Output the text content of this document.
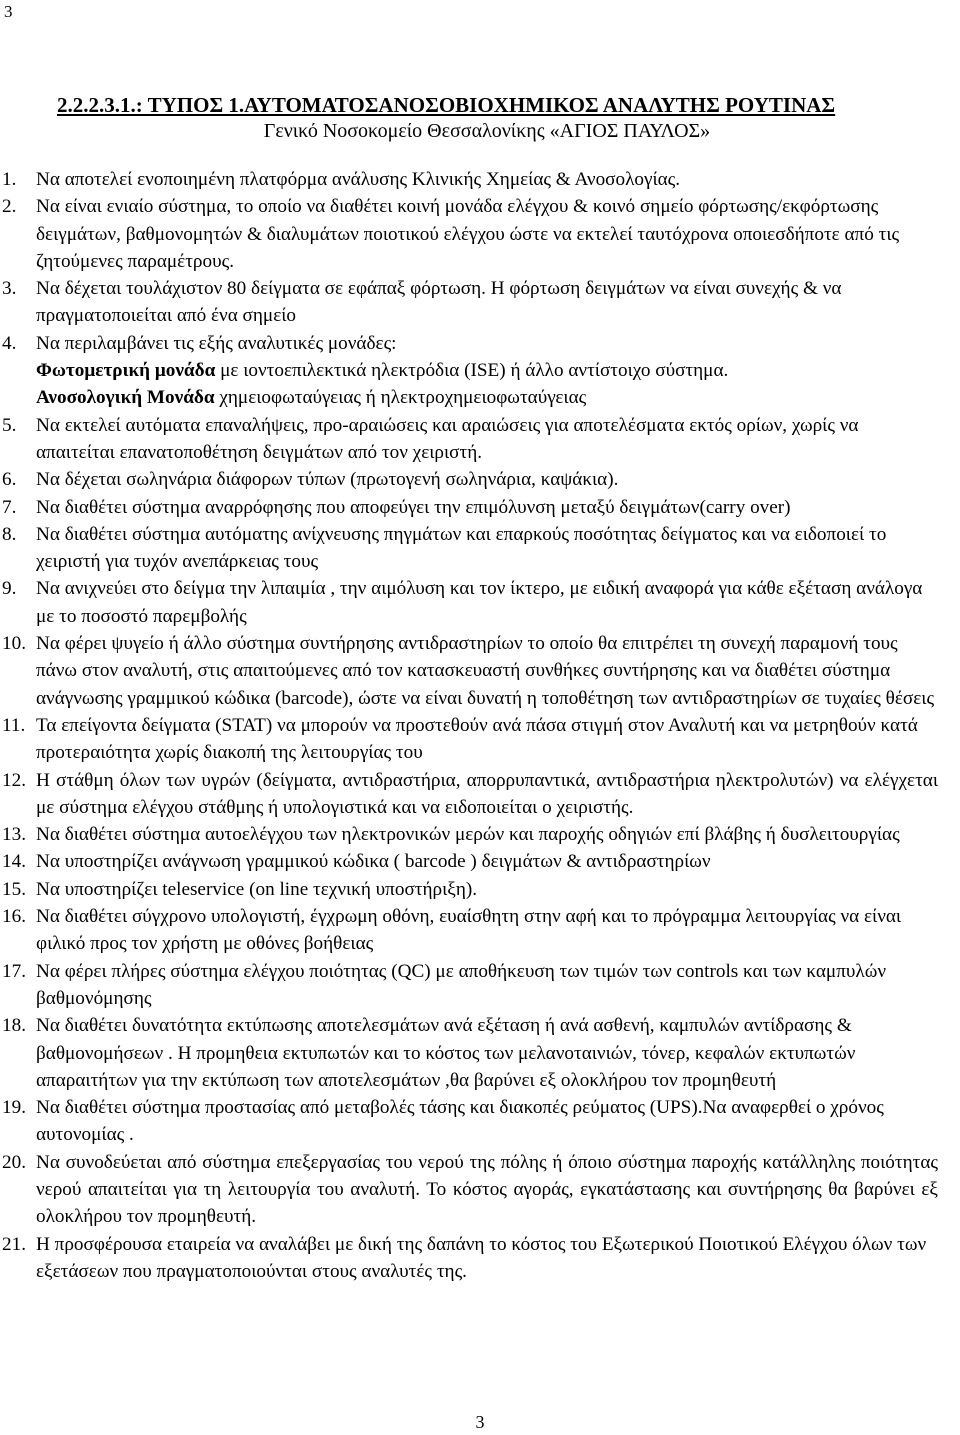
3
2.2.2.3.1.: ΤΥΠΟΣ 1.ΑΥΤΟΜΑΤΟΣΑΝΟΣΟΒΙΟΧΗΜΙΚΟΣ ΑΝΑΛΥΤΗΣ ΡΟΥΤΙΝΑΣ
Γενικό Νοσοκομείο Θεσσαλονίκης «ΑΓΙΟΣ ΠΑΥΛΟΣ»
1.	Να αποτελεί ενοποιημένη πλατφόρμα ανάλυσης Κλινικής Χημείας & Ανοσολογίας.

2.	Να είναι ενιαίο σύστημα, το οποίο να διαθέτει κοινή μονάδα ελέγχου & κοινό σημείο φόρτωσης/εκφόρτωσης δειγμάτων, βαθμονομητών & διαλυμάτων ποιοτικού ελέγχου ώστε να εκτελεί ταυτόχρονα οποιεσδήποτε από τις ζητούμενες παραμέτρους.

3.	Να δέχεται τουλάχιστον 80 δείγματα σε εφάπαξ φόρτωση. Η φόρτωση δειγμάτων να είναι συνεχής & να πραγματοποιείται από ένα σημείο

4.	Να περιλαμβάνει τις εξής αναλυτικές μονάδες:

Φωτομετρική μονάδα με ιοντοεπιλεκτικά ηλεκτρόδια (ISE) ή άλλο αντίστοιχο σύστημα.

Ανοσολογική Μονάδα χημειοφωταύγειας ή ηλεκτροχημειοφωταύγειας

5.	Να εκτελεί αυτόματα επαναλήψεις, προ-αραιώσεις και αραιώσεις για αποτελέσματα εκτός ορίων, χωρίς να απαιτείται επανατοποθέτηση δειγμάτων από τον χειριστή.

6.	Να δέχεται σωληνάρια διάφορων τύπων (πρωτογενή σωληνάρια, καψάκια).

7.	Να διαθέτει σύστημα αναρρόφησης που αποφεύγει την επιμόλυνση μεταξύ δειγμάτων(carry over)

8.	Να διαθέτει σύστημα αυτόματης ανίχνευσης πηγμάτων και επαρκούς ποσότητας δείγματος και να ειδοποιεί το χειριστή για τυχόν ανεπάρκειας τους

9.	Να ανιχνεύει στο δείγμα την λιπαιμία , την αιμόλυση και τον ίκτερο, με ειδική αναφορά για κάθε εξέταση ανάλογα με το ποσοστό παρεμβολής

10. Να φέρει ψυγείο ή άλλο σύστημα συντήρησης αντιδραστηρίων το οποίο θα επιτρέπει τη συνεχή παραμονή τους πάνω στον αναλυτή, στις απαιτούμενες από τον κατασκευαστή συνθήκες συντήρησης και να διαθέτει σύστημα ανάγνωσης γραμμικού κώδικα (barcode), ώστε να είναι δυνατή η τοποθέτηση των αντιδραστηρίων σε τυχαίες θέσεις

11. Τα επείγοντα δείγματα (STAT) να μπορούν να προστεθούν ανά πάσα στιγμή στον Αναλυτή και να μετρηθούν κατά προτεραιότητα χωρίς διακοπή της λειτουργίας του

12. Η στάθμη όλων των υγρών (δείγματα, αντιδραστήρια, απορρυπαντικά, αντιδραστήρια ηλεκτρολυτών) να ελέγχεται με σύστημα ελέγχου στάθμης ή υπολογιστικά και να ειδοποιείται ο χειριστής.

13. Να διαθέτει σύστημα αυτοελέγχου των ηλεκτρονικών μερών και παροχής οδηγιών επί βλάβης ή δυσλειτουργίας

14. Να υποστηρίζει ανάγνωση γραμμικού κώδικα ( barcode ) δειγμάτων & αντιδραστηρίων

15. Να υποστηρίζει teleservice (on line τεχνική υποστήριξη).

16. Να διαθέτει σύγχρονο υπολογιστή, έγχρωμη οθόνη, ευαίσθητη στην αφή και το πρόγραμμα λειτουργίας να είναι φιλικό προς τον χρήστη με οθόνες βοήθειας

17. Να φέρει πλήρες σύστημα ελέγχου ποιότητας (QC) με αποθήκευση των τιμών των controls και των καμπυλών βαθμονόμησης

18. Να διαθέτει δυνατότητα εκτύπωσης αποτελεσμάτων ανά εξέταση ή ανά ασθενή, καμπυλών αντίδρασης & βαθμονομήσεων . Η προμηθεια εκτυπωτών και το κόστος των μελανοταινιών, τόνερ, κεφαλών εκτυπωτών απαραιτήτων για την εκτύπωση των αποτελεσμάτων ,θα βαρύνει εξ ολοκλήρου τον προμηθευτή

19. Να διαθέτει σύστημα προστασίας από μεταβολές τάσης και διακοπές ρεύματος (UPS).Να αναφερθεί ο χρόνος αυτονομίας .

20. Να συνοδεύεται από σύστημα επεξεργασίας του νερού της πόλης ή όποιο σύστημα παροχής κατάλληλης ποιότητας νερού απαιτείται για τη λειτουργία του αναλυτή. Το κόστος αγοράς, εγκατάστασης και συντήρησης θα βαρύνει εξ ολοκλήρου τον προμηθευτή.

21. Η προσφέρουσα εταιρεία να αναλάβει με δική της δαπάνη το κόστος του Εξωτερικού Ποιοτικού Ελέγχου όλων των εξετάσεων που πραγματοποιούνται στους αναλυτές της.

3
